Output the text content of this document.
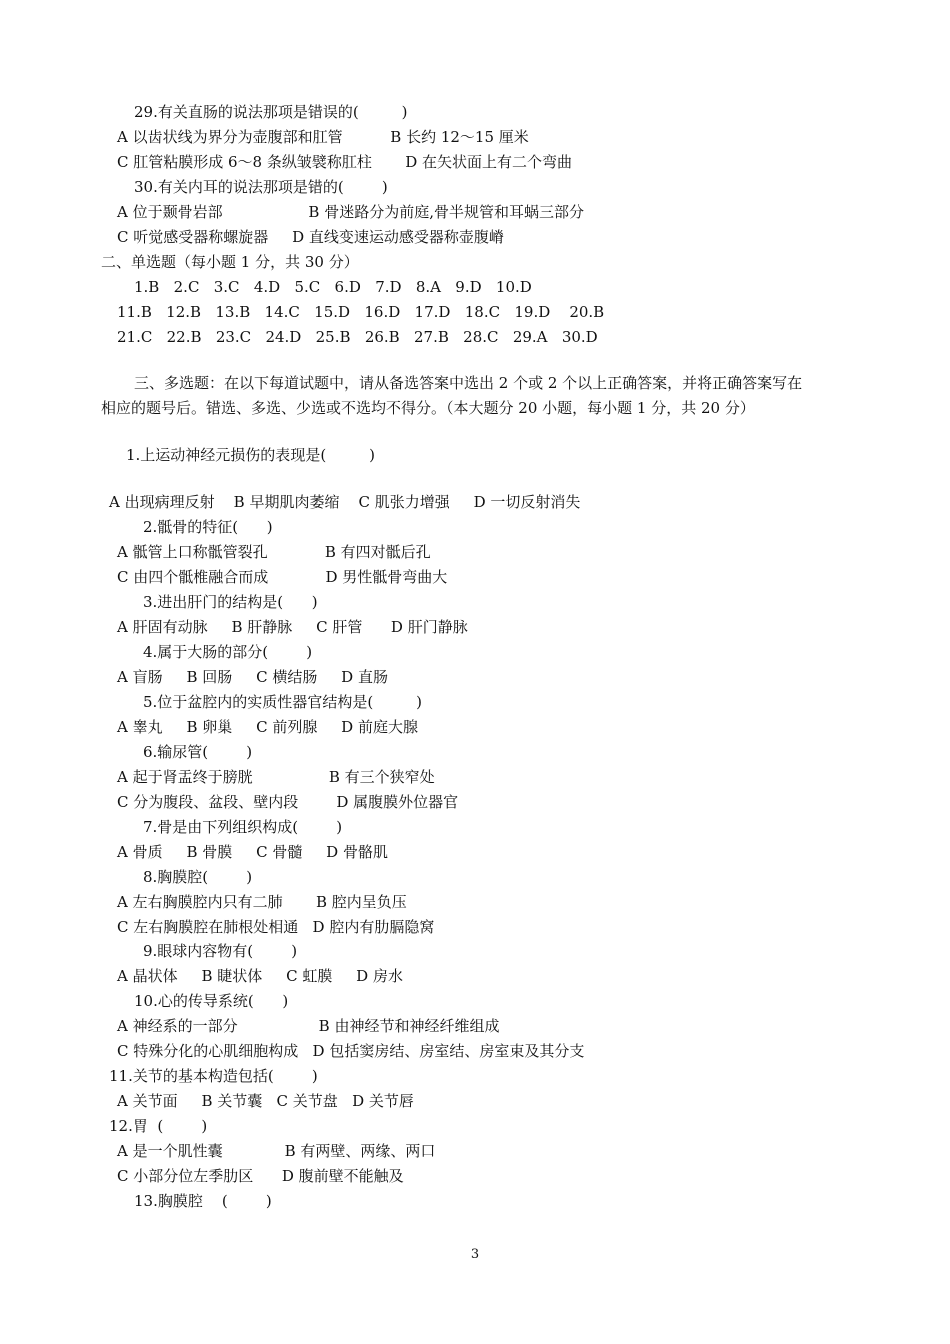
29.有关直肠的说法那项是错误的(         )
A 以齿状线为界分为壶腹部和肛管          B 长约 12～15 厘米
C 肛管粘膜形成 6～8 条纵皱襞称肛柱       D 在矢状面上有二个弯曲
30.有关内耳的说法那项是错的(        )
A 位于颞骨岩部                  B 骨迷路分为前庭,骨半规管和耳蜗三部分
C 听觉感受器称螺旋器     D 直线变速运动感受器称壶腹嵴
二、单选题（每小题 1 分，共 30 分）
1.B   2.C   3.C   4.D   5.C   6.D   7.D   8.A   9.D   10.D
11.B   12.B   13.B   14.C   15.D   16.D   17.D   18.C   19.D    20.B
21.C   22.B   23.C   24.D   25.B   26.B   27.B   28.C   29.A   30.D
三、多选题：在以下每道试题中，请从备选答案中选出 2 个或 2 个以上正确答案，并将正确答案写在
相应的题号后。错选、多选、少选或不选均不得分。（本大题分 20 小题，每小题 1 分，共 20 分）
1.上运动神经元损伤的表现是(         )
A 出现病理反射    B 早期肌肉萎缩    C 肌张力增强     D 一切反射消失
2.骶骨的特征(      )
A 骶管上口称骶管裂孔            B 有四对骶后孔
C 由四个骶椎融合而成            D 男性骶骨弯曲大
3.进出肝门的结构是(      )
A 肝固有动脉     B 肝静脉     C 肝管      D 肝门静脉
4.属于大肠的部分(        )
A 盲肠     B 回肠     C 横结肠     D 直肠
5.位于盆腔内的实质性器官结构是(         )
A 睾丸     B 卵巢     C 前列腺     D 前庭大腺
6.输尿管(        )
A 起于肾盂终于膀胱                B 有三个狭窄处
C 分为腹段、盆段、壁内段        D 属腹膜外位器官
7.骨是由下列组织构成(        )
A 骨质     B 骨膜     C 骨髓     D 骨骼肌
8.胸膜腔(        )
A 左右胸膜腔内只有二肺       B 腔内呈负压
C 左右胸膜腔在肺根处相通   D 腔内有肋膈隐窝
9.眼球内容物有(        )
A 晶状体     B 睫状体     C 虹膜     D 房水
10.心的传导系统(      )
A 神经系的一部分                 B 由神经节和神经纤维组成
C 特殊分化的心肌细胞构成   D 包括窦房结、房室结、房室束及其分支
11.关节的基本构造包括(        )
A 关节面     B 关节囊   C 关节盘   D 关节唇
12.胃  (        )
A 是一个肌性囊             B 有两壁、两缘、两口
C 小部分位左季肋区      D 腹前壁不能触及
13.胸膜腔    (        )
3
